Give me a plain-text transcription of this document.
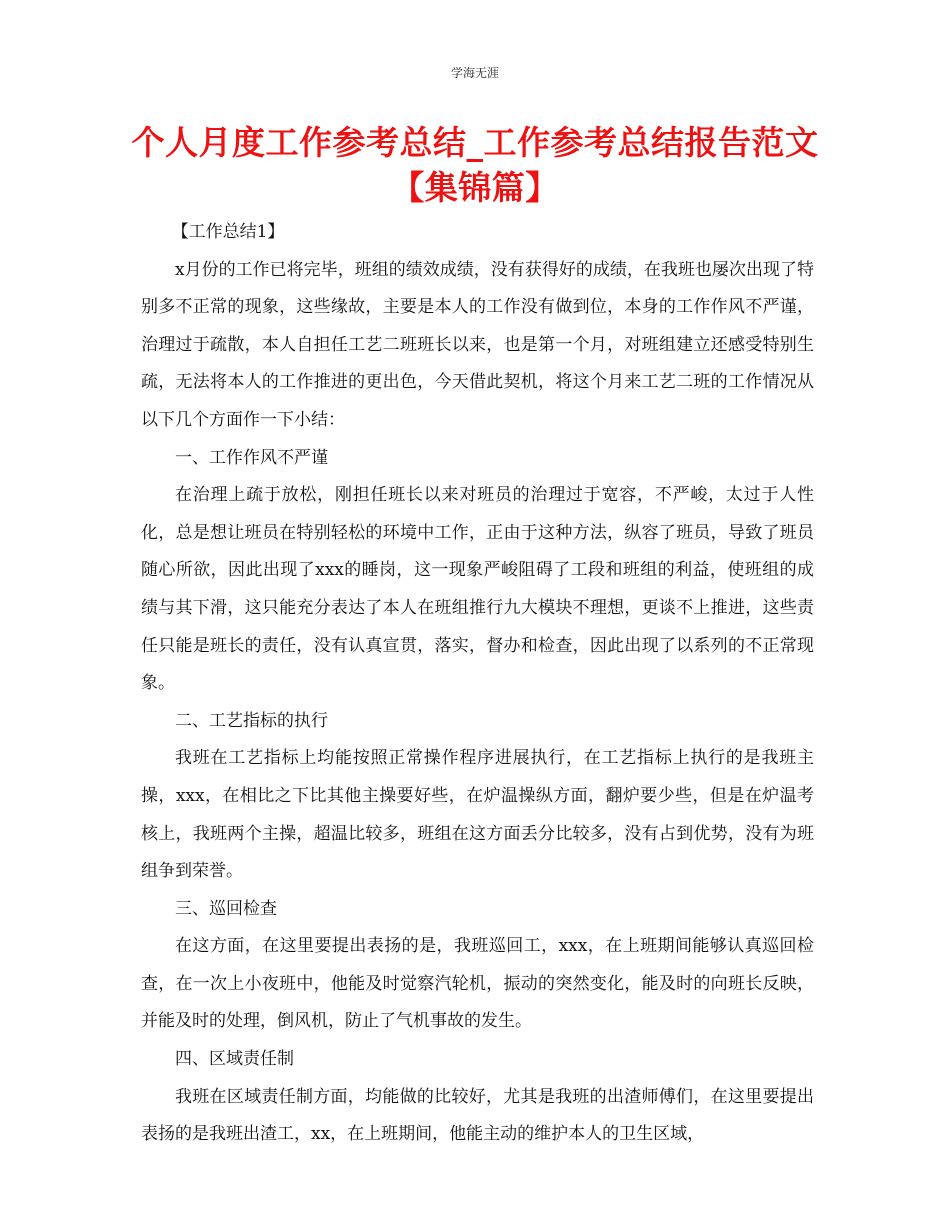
学海无涯
个人月度工作参考总结_工作参考总结报告范文【集锦篇】

【工作总结1】

x月份的工作已将完毕，班组的绩效成绩，没有获得好的成绩，在我班也屡次出现了特别多不正常的现象，这些缘故，主要是本人的工作没有做到位，本身的工作作风不严谨，治理过于疏散，本人自担任工艺二班班长以来，也是第一个月，对班组建立还感受特别生疏，无法将本人的工作推进的更出色，今天借此契机，将这个月来工艺二班的工作情况从以下几个方面作一下小结：

一、工作作风不严谨

在治理上疏于放松，刚担任班长以来对班员的治理过于宽容，不严峻，太过于人性化，总是想让班员在特别轻松的环境中工作，正由于这种方法，纵容了班员，导致了班员随心所欲，因此出现了xxx的睡岗，这一现象严峻阻碍了工段和班组的利益，使班组的成绩与其下滑，这只能充分表达了本人在班组推行九大模块不理想，更谈不上推进，这些责任只能是班长的责任，没有认真宣贯，落实，督办和检查，因此出现了以系列的不正常现象。

二、工艺指标的执行

我班在工艺指标上均能按照正常操作程序进展执行，在工艺指标上执行的是我班主操，xxx，在相比之下比其他主操要好些，在炉温操纵方面，翻炉要少些，但是在炉温考核上，我班两个主操，超温比较多，班组在这方面丢分比较多，没有占到优势，没有为班组争到荣誉。

三、巡回检查

在这方面，在这里要提出表扬的是，我班巡回工，xxx，在上班期间能够认真巡回检查，在一次上小夜班中，他能及时觉察汽轮机，振动的突然变化，能及时的向班长反映，并能及时的处理，倒风机，防止了气机事故的发生。

四、区域责任制

我班在区域责任制方面，均能做的比较好，尤其是我班的出渣师傅们，在这里要提出表扬的是我班出渣工，xx，在上班期间，他能主动的维护本人的卫生区域，
